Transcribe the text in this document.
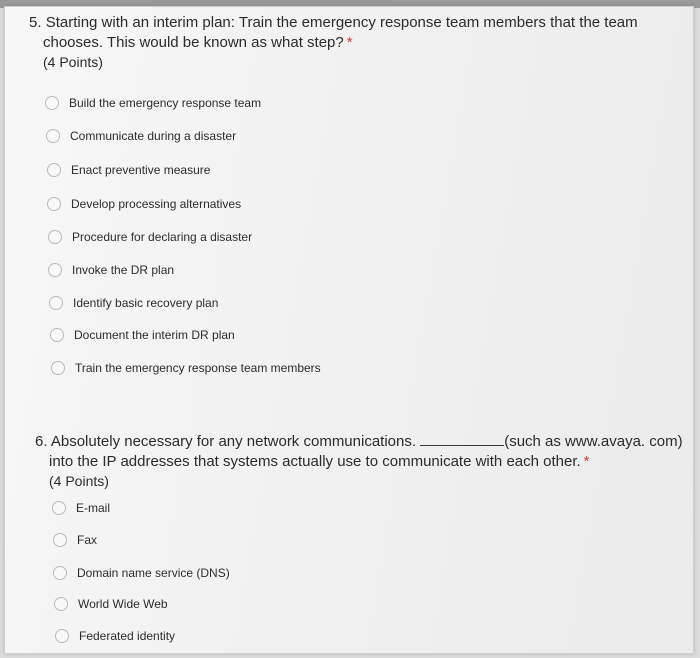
5. Starting with an interim plan: Train the emergency response team members that the team
chooses. This would be known as what step? *
(4 Points)
Build the emergency response team
Communicate during a disaster
Enact preventive measure
Develop processing alternatives
Procedure for declaring a disaster
Invoke the DR plan
Identify basic recovery plan
Document the interim DR plan
Train the emergency response team members
6. Absolutely necessary for any network communications.	(such as www.avaya. com)
into the IP addresses that systems actually use to communicate with each other. *
(4 Points)
E-mail
Fax
Domain name service (DNS)
World Wide Web
Federated identity
